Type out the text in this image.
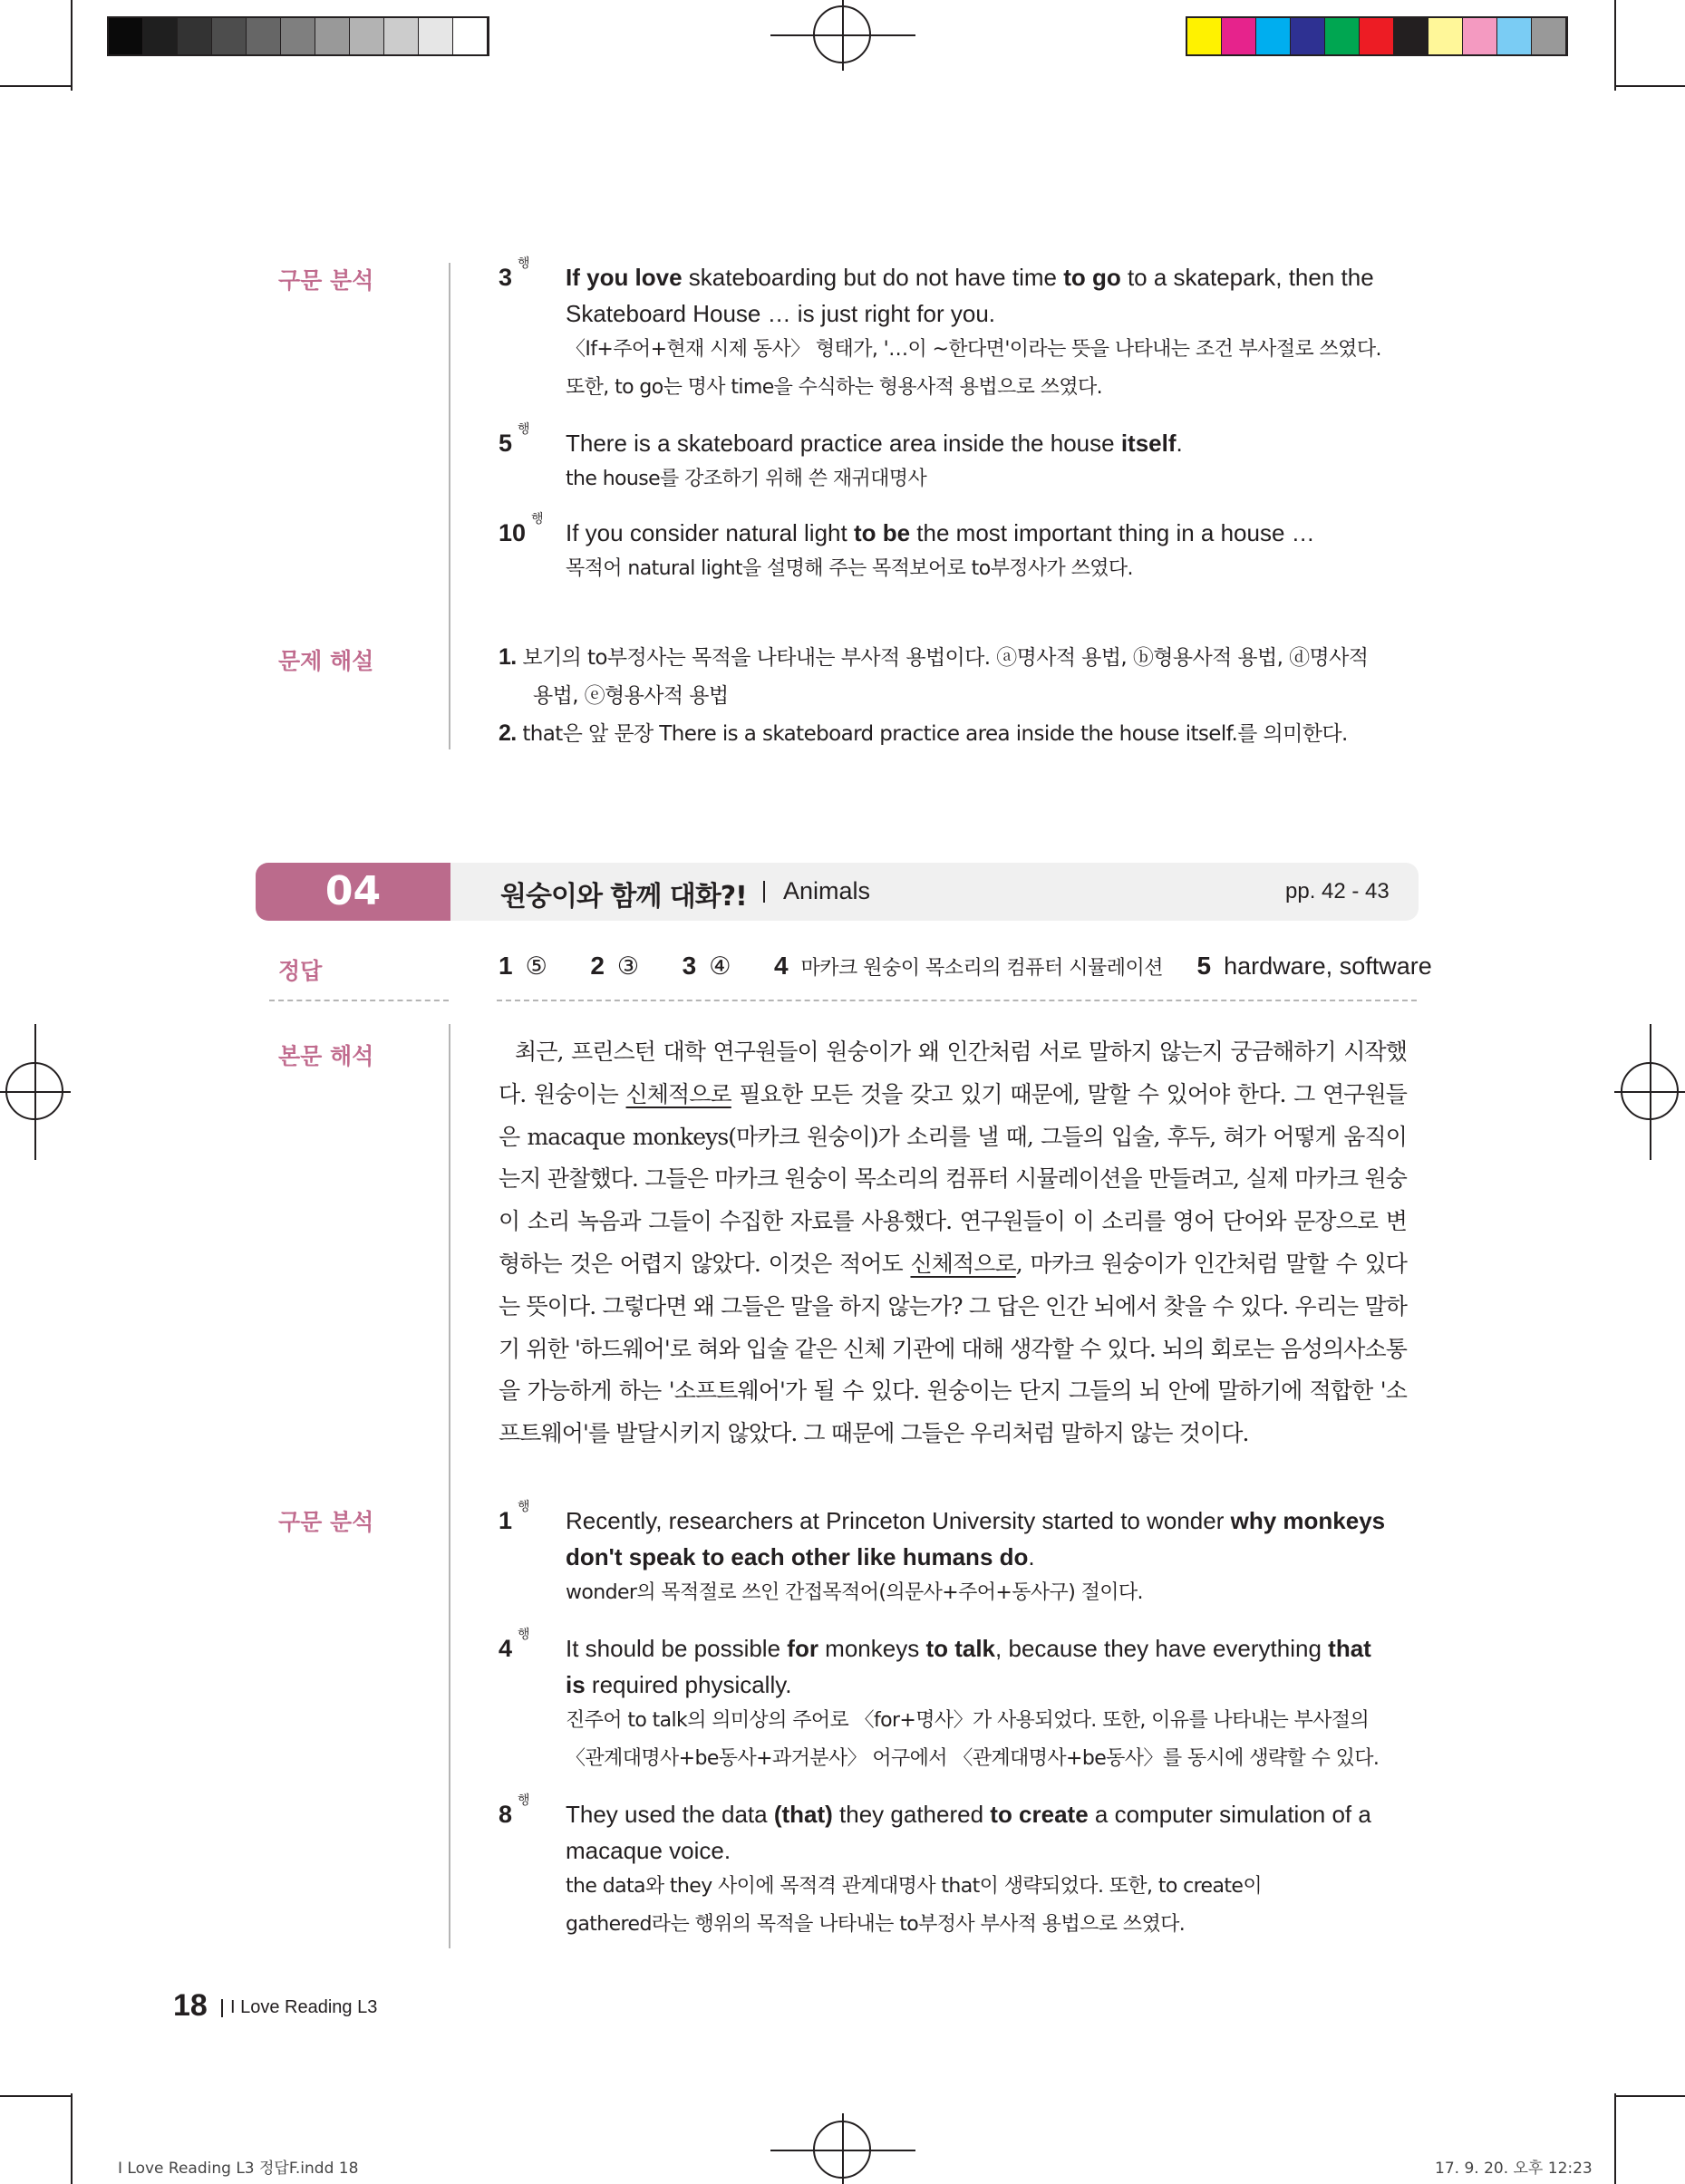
구문 분석	$3^행$
If you love skateboarding but do not have time to go to a skatepark, then the
Skateboard House … is just right for you.
〈If+주어+현재 시제 동사〉 형태가, '…이 ~한다면'이라는 뜻을 나타내는 조건 부사절로 쓰였다.
또한, to go는 명사 time을 수식하는 형용사적 용법으로 쓰였다.
$5^행$
There is a skateboard practice area inside the house itself.
the house를 강조하기 위해 쓴 재귀대명사
$10^행$
If you consider natural light to be the most important thing in a house …
목적어 natural light을 설명해 주는 목적보어로 to부정사가 쓰였다.
문제 해설	1. 보기의 to부정사는 목적을 나타내는 부사적 용법이다. ⓐ명사적 용법, ⓑ형용사적 용법, ⓓ명사적
용법, ⓔ형용사적 용법
2. that은 앞 문장 There is a skateboard practice area inside the house itself.를 의미한다.
04	원숭이와 함께 대화?! Animals	pp. 42 - 43
정답	1 ⑤ 2 ③ 3 ④ 4 마카크 원숭이 목소리의 컴퓨터 시뮬레이션 5 hardware, software
본문 해석	최근, 프린스턴 대학 연구원들이 원숭이가 왜 인간처럼 서로 말하지 않는지 궁금해하기 시작했다. 원숭이는 신체적으로 필요한 모든 것을 갖고 있기 때문에, 말할 수 있어야 한다. 그 연구원들은 macaque monkeys(마카크 원숭이)가 소리를 낼 때, 그들의 입술, 후두, 혀가 어떻게 움직이는지 관찰했다. 그들은 마카크 원숭이 목소리의 컴퓨터 시뮬레이션을 만들려고, 실제 마카크 원숭이 소리 녹음과 그들이 수집한 자료를 사용했다. 연구원들이 이 소리를 영어 단어와 문장으로 변형하는 것은 어렵지 않았다. 이것은 적어도 신체적으로, 마카크 원숭이가 인간처럼 말할 수 있다는 뜻이다. 그렇다면 왜 그들은 말을 하지 않는가? 그 답은 인간 뇌에서 찾을 수 있다. 우리는 말하기 위한 '하드웨어'로 혀와 입술 같은 신체 기관에 대해 생각할 수 있다. 뇌의 회로는 음성의사소통을 가능하게 하는 '소프트웨어'가 될 수 있다. 원숭이는 단지 그들의 뇌 안에 말하기에 적합한 '소프트웨어'를 발달시키지 않았다. 그 때문에 그들은 우리처럼 말하지 않는 것이다.
구문 분석	$1^행$
Recently, researchers at Princeton University started to wonder why monkeys
don't speak to each other like humans do.
wonder의 목적절로 쓰인 간접목적어(의문사+주어+동사구) 절이다.
$4^행$
It should be possible for monkeys to talk, because they have everything that
is required physically.
진주어 to talk의 의미상의 주어로 〈for+명사〉가 사용되었다. 또한, 이유를 나타내는 부사절의
〈관계대명사+be동사+과거분사〉 어구에서 〈관계대명사+be동사〉를 동시에 생략할 수 있다.
$8^행$
They used the data (that) they gathered to create a computer simulation of a
macaque voice.
the data와 they 사이에 목적격 관계대명사 that이 생략되었다. 또한, to create이
gathered라는 행위의 목적을 나타내는 to부정사 부사적 용법으로 쓰였다.
18 I Love Reading L3
I Love Reading L3 정답F.indd 18	17. 9. 20. 오후 12:23
